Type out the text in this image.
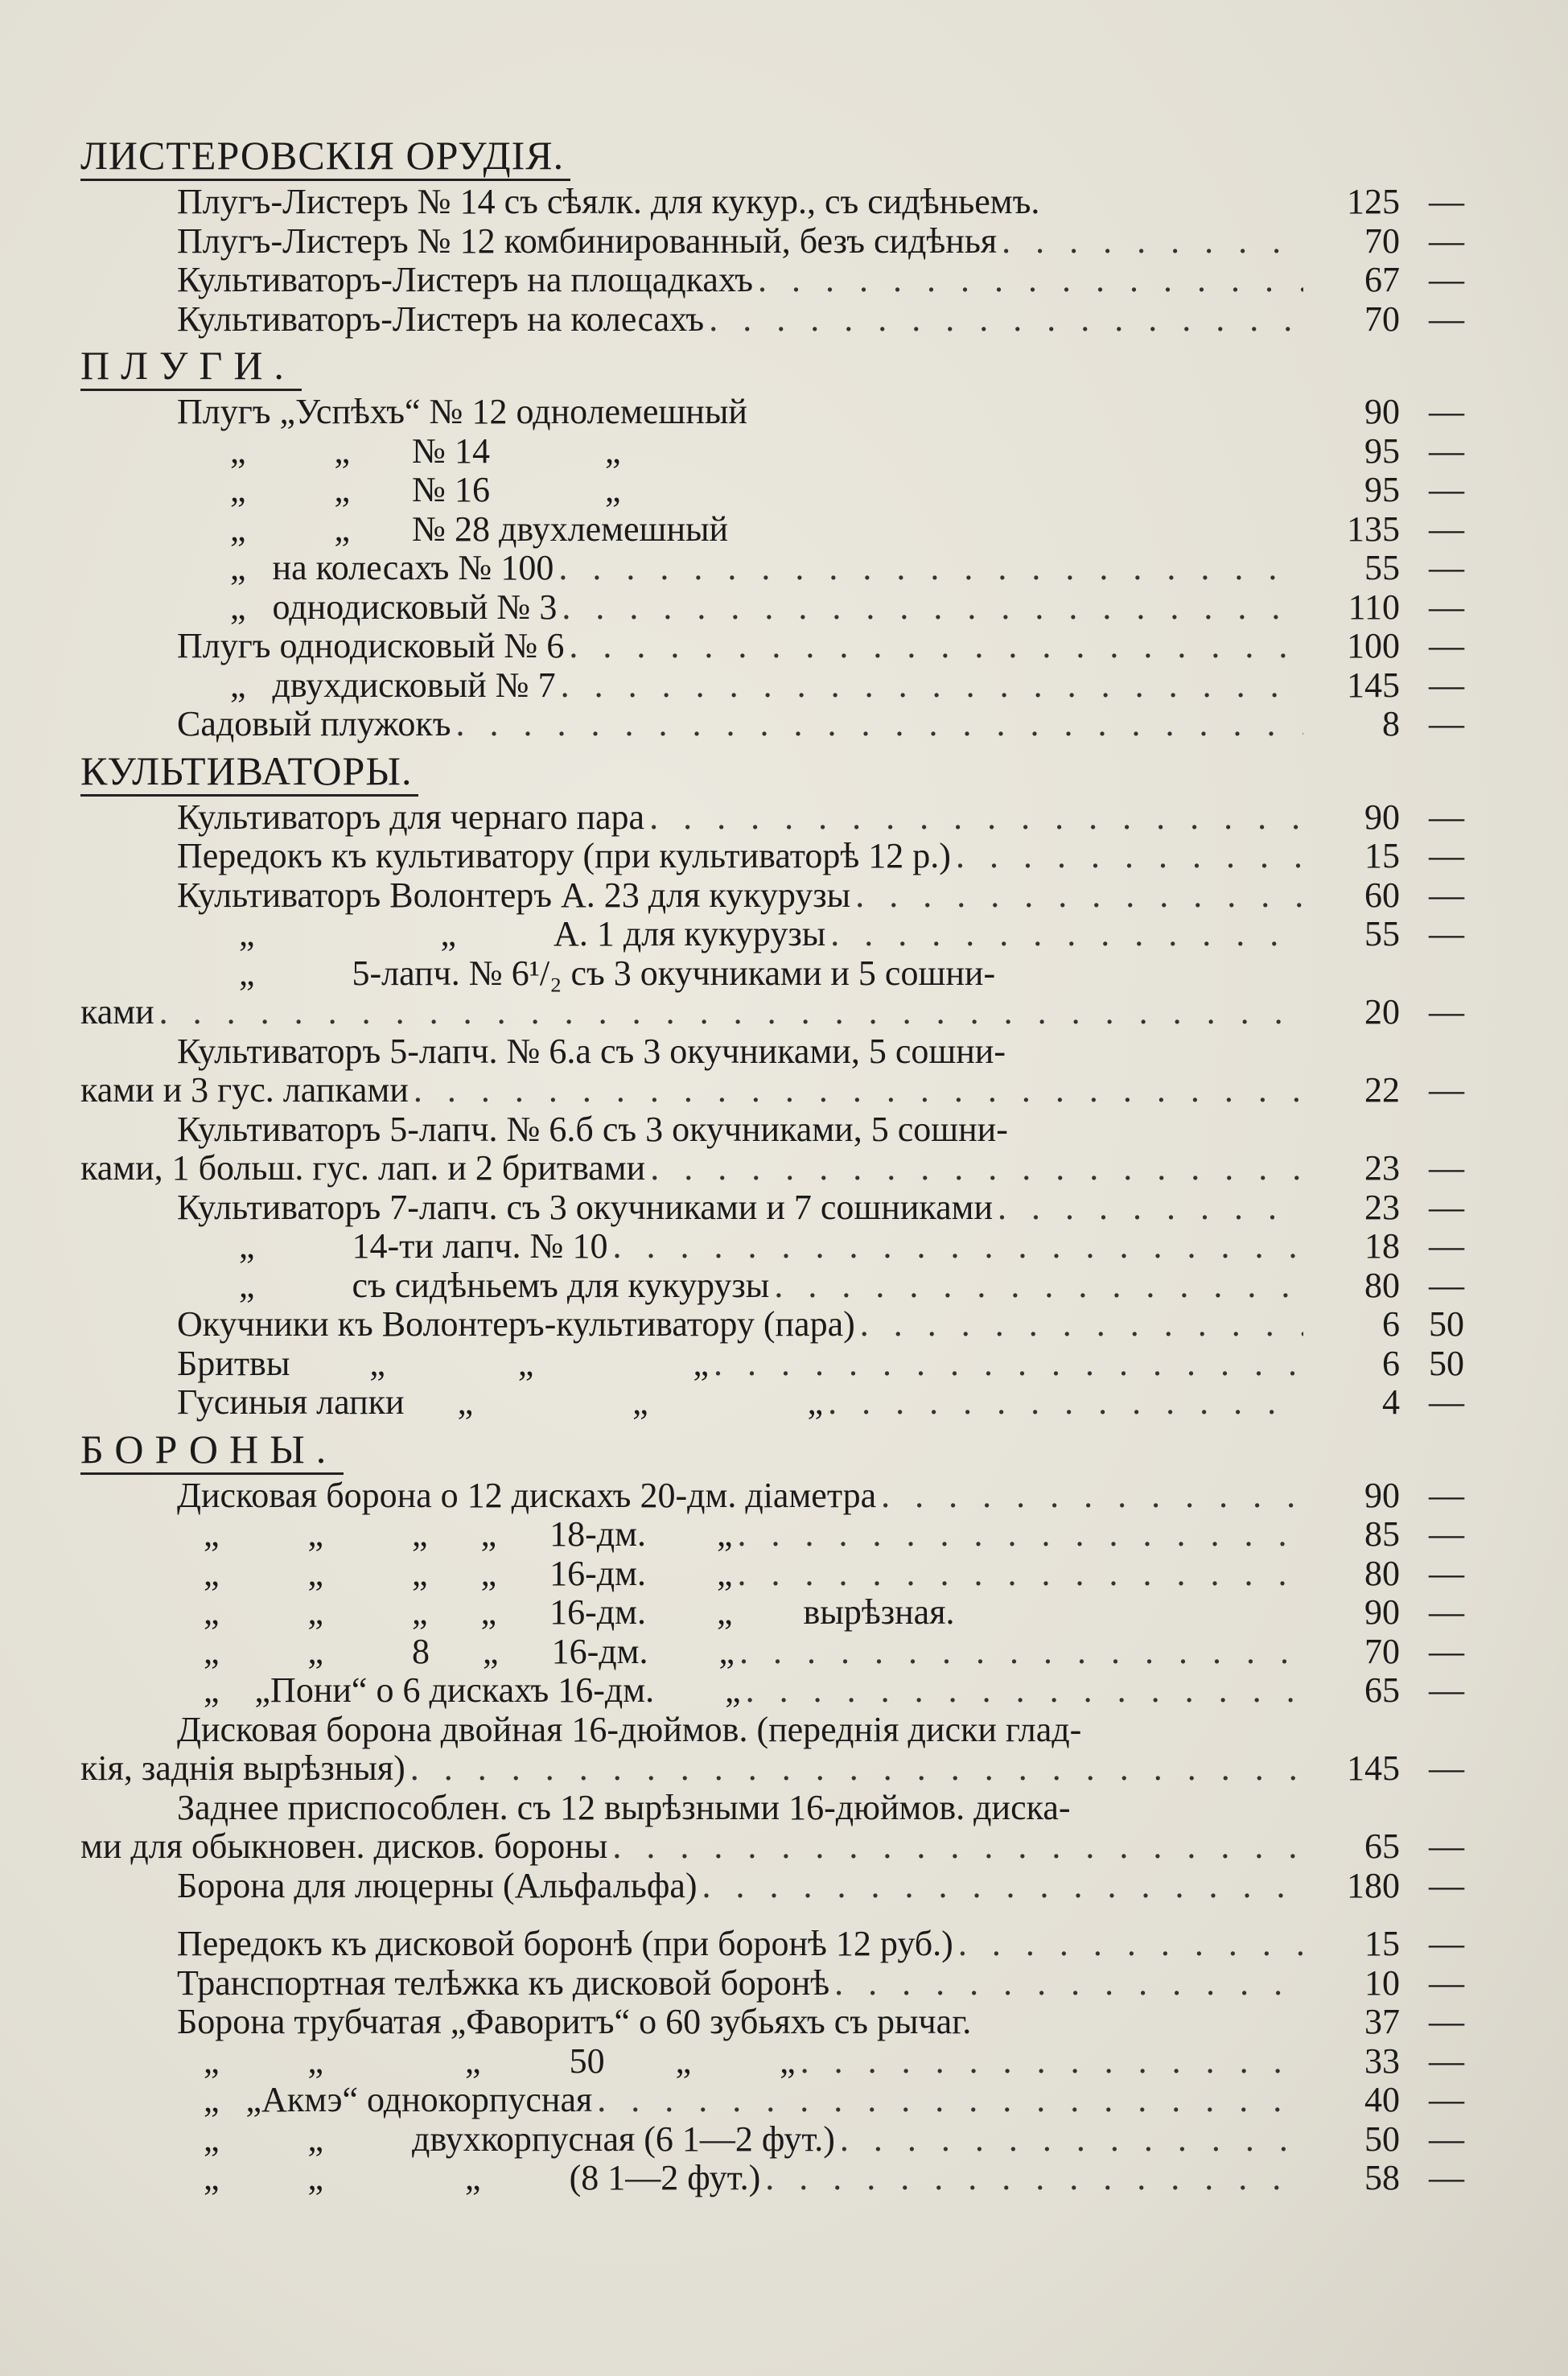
ЛИСТЕРОВСКIЯ ОРУДIЯ.
Плугъ-Листеръ № 14 съ сѣялк. для кукур., съ сидѣньемъ.	125 —
Плугъ-Листеръ № 12 комбинированный, безъ сидѣнья . . .	70 —
Культиваторъ-Листеръ на площадкахъ . . .	67 —
Культиваторъ-Листеръ на колесахъ . . .	70 —
ПЛУГИ.
Плугъ „Успѣхъ“ № 12 однолемешный	90 —
„          „       № 14             „	95 —
„          „       № 16             „	95 —
„          „       № 28 двухлемешный	135 —
„   на колесахъ № 100 . . .	55 —
„   однодисковый № 3 . . .	110 —
Плугъ однодисковый № 6 . . .	100 —
„   двухдисковый № 7 . . .	145 —
Садовый плужокъ . . .	8 —
КУЛЬТИВАТОРЫ.
Культиваторъ для чернаго пара . . .	90 —
Передокъ къ культиватору (при культиваторѣ 12 р.) . . .	15 —
Культиваторъ Волонтеръ А. 23 для кукурузы . . .	60 —
„                     „           А. 1 для кукурузы . . .	55 —
„           5-лапч. № 6¹/₂ съ 3 окучниками и 5 сошни-
ками . . .	20 —
Культиваторъ 5-лапч. № 6.а съ 3 окучниками, 5 сошни-
ками и 3 гус. лапками . . .	22 —
Культиваторъ 5-лапч. № 6.б съ 3 окучниками, 5 сошни-
ками, 1 больш. гус. лап. и 2 бритвами . . .	23 —
Культиваторъ 7-лапч. съ 3 окучниками и 7 сошниками . . .	23 —
„           14-ти лапч. № 10 . . .	18 —
„           съ сидѣньемъ для кукурузы . . .	80 —
Окучники къ Волонтеръ-культиватору (пара) . . .	6 50
Бритвы         „               „                  „ . . .	6 50
Гусиныя лапки      „                  „                  „ . . .	4 —
БОРОНЫ.
Дисковая борона о 12 дискахъ 20-дм. дiаметра . . .	90 —
„          „          „      „      18-дм.        „ . . .	85 —
„          „          „      „      16-дм.        „ . . .	80 —
„          „          „      „      16-дм.        „        вырѣзная.	90 —
„          „          8      „      16-дм.        „ . . .	70 —
„    „Пони“ о 6 дискахъ 16-дм.        „ . . .	65 —
Дисковая борона двойная 16-дюймов. (переднiя диски глад-
кiя, заднiя вырѣзныя) . . .	145 —
Заднее приспособлен. съ 12 вырѣзными 16-дюймов. диска-
ми для обыкновен. дисков. бороны . . .	65 —
Борона для люцерны (Альфальфа) . . .	180 —
Передокъ къ дисковой боронѣ (при боронѣ 12 руб.) . . .	15 —
Транспортная телѣжка къ дисковой боронѣ . . .	10 —
Борона трубчатая „Фаворитъ“ о 60 зубьяхъ съ рычаг.	37 —
„          „                „          50        „          „ . . .	33 —
„   „Акмэ“ однокорпусная . . .	40 —
„          „          двухкорпусная (6 1—2 фут.) . . .	50 —
„          „                „          (8 1—2 фут.) . . .	58 —
